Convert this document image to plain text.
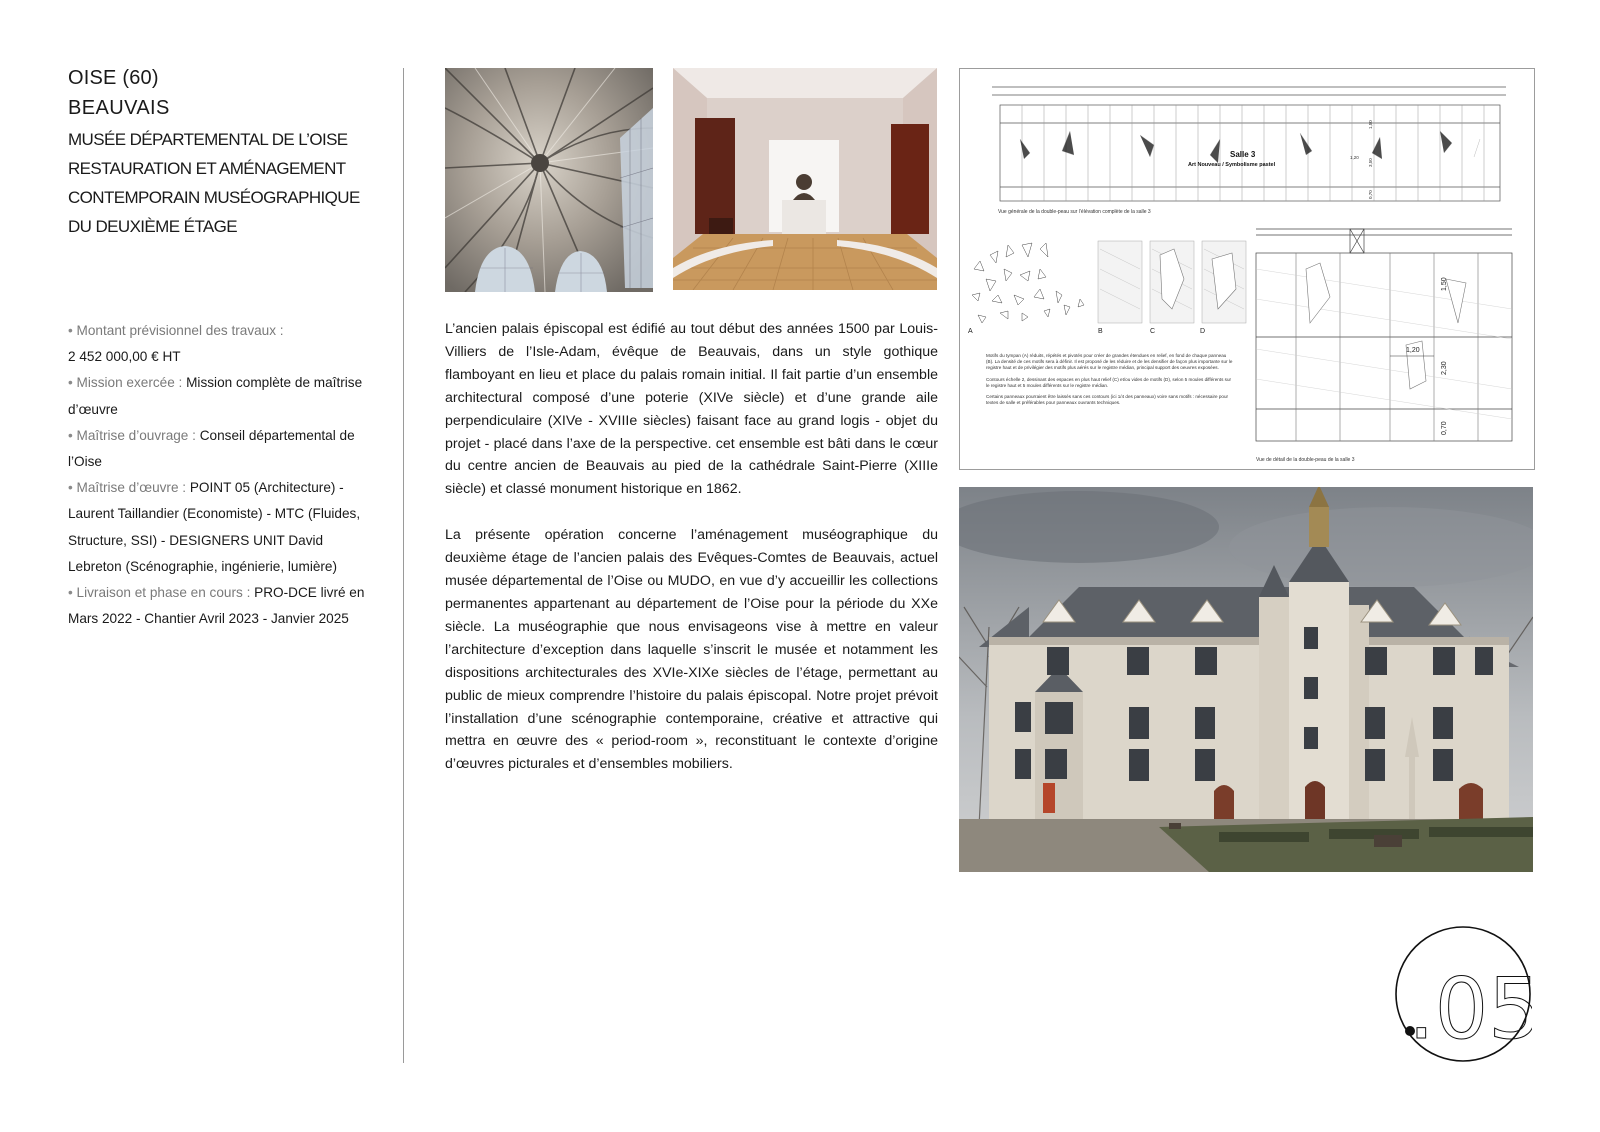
OISE (60)
BEAUVAIS

MUSÉE DÉPARTEMENTAL DE L’OISE

RESTAURATION ET AMÉNAGEMENT

CONTEMPORAIN MUSÉOGRAPHIQUE

DU DEUXIÈME ÉTAGE

• Montant prévisionnel des travaux :
2 452 000,00 € HT

• Mission exercée : Mission complète de maîtrise d’œuvre

• Maîtrise d’ouvrage : Conseil départemental de l’Oise

• Maîtrise d’œuvre : POINT 05 (Architecture) - Laurent Taillandier (Economiste) - MTC (Fluides, Structure, SSI) - DESIGNERS UNIT David Lebreton (Scénographie, ingénierie, lumière)

• Livraison et phase en cours : PRO-DCE livré en Mars 2022 - Chantier Avril 2023 - Janvier 2025

L’ancien palais épiscopal est édifié au tout début des années 1500 par Louis-Villiers de l’Isle-Adam, évêque de Beauvais, dans un style gothique flamboyant en lieu et place du palais romain initial. Il fait partie d’un ensemble architectural composé d’une poterie (XIVe siècle) et d’une grande aile perpendiculaire (XIVe - XVIIIe siècles) faisant face au grand logis - objet du projet - placé dans l’axe de la perspective. cet ensemble est bâti dans le cœur du centre ancien de Beauvais au pied de la cathédrale Saint-Pierre (XIIIe siècle) et classé monument historique en 1862.

La présente opération concerne l’aménagement muséographique du deuxième étage de l’ancien palais des Evêques-Comtes de Beauvais, actuel musée départemental de l’Oise ou MUDO, en vue d’y accueillir les collections permanentes appartenant au département de l’Oise pour la période du XXe siècle. La muséographie que nous envisageons vise à mettre en valeur l’architecture d’exception dans laquelle s’inscrit le musée et notamment les dispositions architecturales des XVIe-XIXe siècles de l’étage, permettant au public de mieux comprendre l’histoire du palais épiscopal. Notre projet prévoit l’installation d’une scénographie contemporaine, créative et attractive qui mettra en œuvre des « period-room », reconstituant le contexte d’origine d’œuvres picturales et d’ensembles mobiliers.

Salle 3
Art Nouveau / Symbolisme pastel
1,20
3,50
0,70
1,50
Vue générale de la double-peau sur l’élévation complète de la salle 3
A	B	C	D
Motifs du tympan (A) réduits, répétés et pivotés pour créer de grandes étendues en relief, en fond de chaque panneau (B). La densité de ces motifs sera à définir. Il est proposé de les réduire et de les densifier de façon plus importante sur le registre haut et de privilégier des motifs plus aérés sur le registre médian, principal support des oeuvres exposées.
Contours échelle 2, dessinant des espaces en plus haut relief (C) et/ou vides de motifs (D), selon 5 moules différents sur le registre haut et 5 moules différents sur le registre médian.
Certains panneaux pourraient être laissés sans ces contours (ici 1/4 des panneaux) voire sans motifs : nécessaire pour textes de salle et préférables pour panneaux ouvrants techniques.
1,20
1,50
2,30
0,70
Vue de détail de la double-peau de la salle 3
.05
